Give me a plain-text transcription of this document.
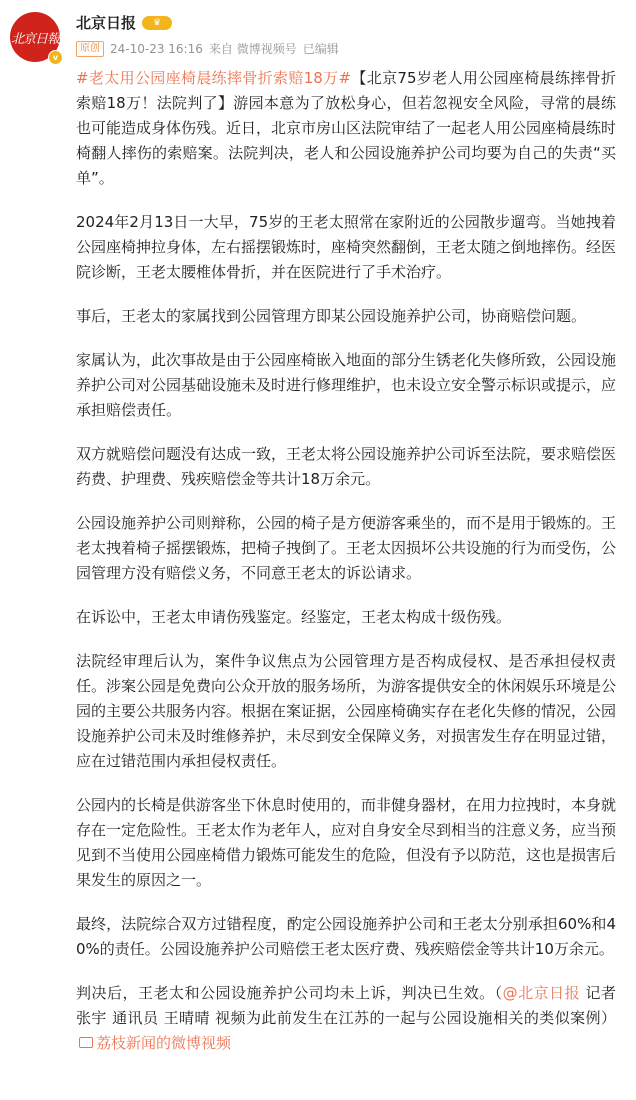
北京日報
v
北京日报	♛
原创 24-10-23 16:16 来自 微博视频号 已编辑

#老太用公园座椅晨练摔骨折索赔18万#【北京75岁老人用公园座椅晨练摔骨折索赔18万！法院判了】游园本意为了放松身心，但若忽视安全风险，寻常的晨练也可能造成身体伤残。近日，北京市房山区法院审结了一起老人用公园座椅晨练时椅翻人摔伤的索赔案。法院判决，老人和公园设施养护公司均要为自己的失责“买单”。

2024年2月13日一大早，75岁的王老太照常在家附近的公园散步遛弯。当她拽着公园座椅抻拉身体，左右摇摆锻炼时，座椅突然翻倒，王老太随之倒地摔伤。经医院诊断，王老太腰椎体骨折，并在医院进行了手术治疗。

事后，王老太的家属找到公园管理方即某公园设施养护公司，协商赔偿问题。

家属认为，此次事故是由于公园座椅嵌入地面的部分生锈老化失修所致，公园设施养护公司对公园基础设施未及时进行修理维护，也未设立安全警示标识或提示，应承担赔偿责任。

双方就赔偿问题没有达成一致，王老太将公园设施养护公司诉至法院，要求赔偿医药费、护理费、残疾赔偿金等共计18万余元。

公园设施养护公司则辩称，公园的椅子是方便游客乘坐的，而不是用于锻炼的。王老太拽着椅子摇摆锻炼，把椅子拽倒了。王老太因损坏公共设施的行为而受伤，公园管理方没有赔偿义务，不同意王老太的诉讼请求。

在诉讼中，王老太申请伤残鉴定。经鉴定，王老太构成十级伤残。

法院经审理后认为，案件争议焦点为公园管理方是否构成侵权、是否承担侵权责任。涉案公园是免费向公众开放的服务场所，为游客提供安全的休闲娱乐环境是公园的主要公共服务内容。根据在案证据，公园座椅确实存在老化失修的情况，公园设施养护公司未及时维修养护，未尽到安全保障义务，对损害发生存在明显过错，应在过错范围内承担侵权责任。

公园内的长椅是供游客坐下休息时使用的，而非健身器材，在用力拉拽时，本身就存在一定危险性。王老太作为老年人，应对自身安全尽到相当的注意义务，应当预见到不当使用公园座椅借力锻炼可能发生的危险，但没有予以防范，这也是损害后果发生的原因之一。

最终，法院综合双方过错程度，酌定公园设施养护公司和王老太分别承担60%和40%的责任。公园设施养护公司赔偿王老太医疗费、残疾赔偿金等共计10万余元。

判决后，王老太和公园设施养护公司均未上诉，判决已生效。（@北京日报 记者 张宇 通讯员 王晴晴 视频为此前发生在江苏的一起与公园设施相关的类似案例）荔枝新闻的微博视频
